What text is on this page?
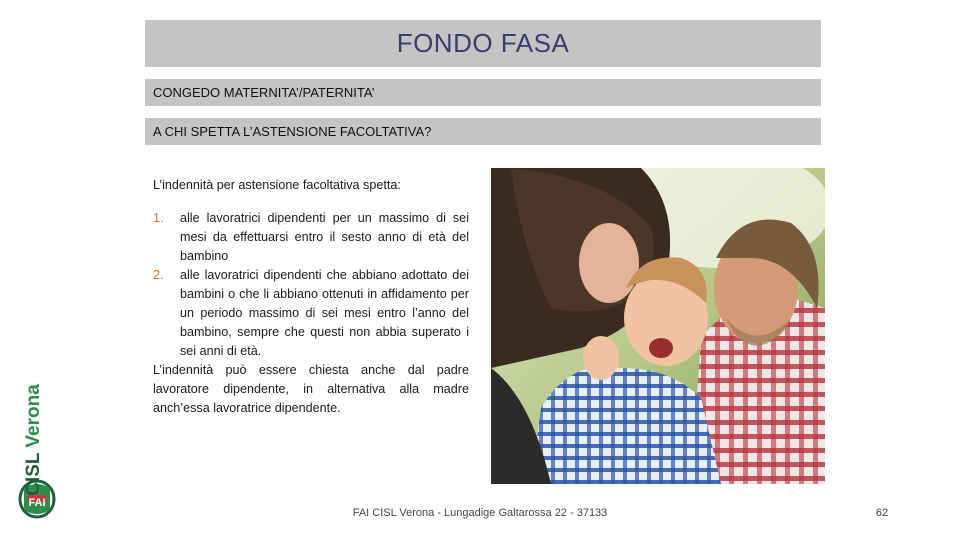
FONDO FASA
CONGEDO MATERNITA’/PATERNITA’
A CHI SPETTA L’ASTENSIONE FACOLTATIVA?

L’indennità per astensione facoltativa spetta:

1.	alle lavoratrici dipendenti per un massimo di sei mesi da effettuarsi entro il sesto anno di età del bambino
2.	alle lavoratrici dipendenti che abbiano adottato dei bambini o che li abbiano ottenuti in affidamento per un periodo massimo di sei mesi entro l’anno del bambino, sempre che questi non abbia superato i sei anni di età.

L’indennità può essere chiesta anche dal padre lavoratore dipendente, in alternativa alla madre anch’essa lavoratrice dipendente.

FAI
CISL Verona
FAI CISL Verona - Lungadige Galtarossa 22 - 37133	62
